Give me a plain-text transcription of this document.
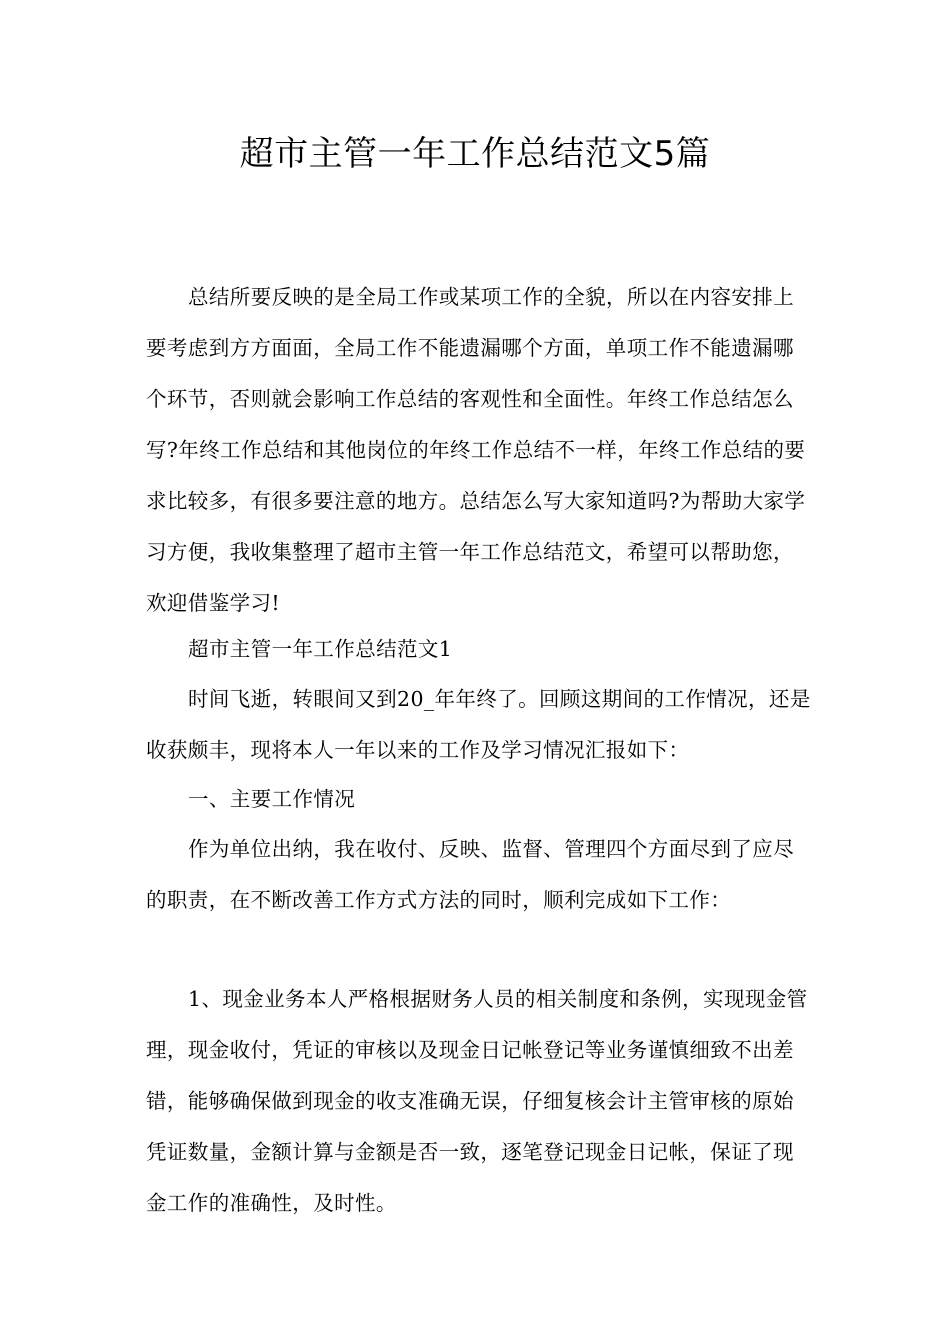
超市主管一年工作总结范文5篇

总结所要反映的是全局工作或某项工作的全貌，所以在内容安排上要考虑到方方面面，全局工作不能遗漏哪个方面，单项工作不能遗漏哪个环节，否则就会影响工作总结的客观性和全面性。年终工作总结怎么写?年终工作总结和其他岗位的年终工作总结不一样，年终工作总结的要求比较多，有很多要注意的地方。总结怎么写大家知道吗?为帮助大家学习方便，我收集整理了超市主管一年工作总结范文，希望可以帮助您，欢迎借鉴学习!

超市主管一年工作总结范文1

时间飞逝，转眼间又到20_年年终了。回顾这期间的工作情况，还是收获颇丰，现将本人一年以来的工作及学习情况汇报如下：

一、主要工作情况

作为单位出纳，我在收付、反映、监督、管理四个方面尽到了应尽的职责，在不断改善工作方式方法的同时，顺利完成如下工作：

1、现金业务本人严格根据财务人员的相关制度和条例，实现现金管理，现金收付，凭证的审核以及现金日记帐登记等业务谨慎细致不出差错，能够确保做到现金的收支准确无误，仔细复核会计主管审核的原始凭证数量，金额计算与金额是否一致，逐笔登记现金日记帐，保证了现金工作的准确性，及时性。
